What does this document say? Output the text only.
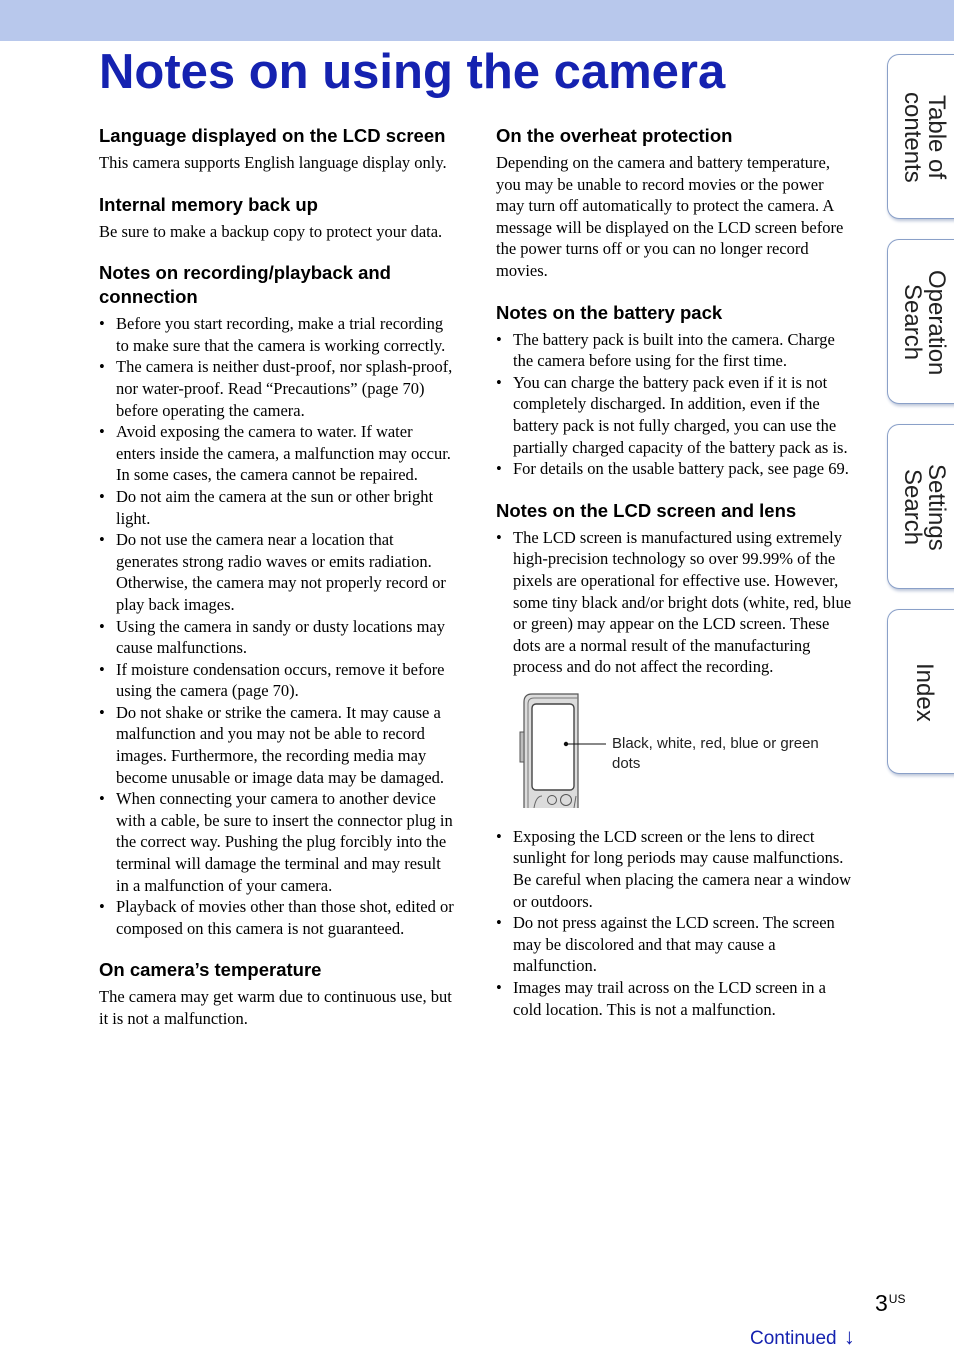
Notes on using the camera
Language displayed on the LCD screen

This camera supports English language display only.

Internal memory back up

Be sure to make a backup copy to protect your data.

Notes on recording/playback and connection
• Before you start recording, make a trial recording to make sure that the camera is working correctly.
• The camera is neither dust-proof, nor splash-proof, nor water-proof. Read “Precautions” (page 70) before operating the camera.
• Avoid exposing the camera to water. If water enters inside the camera, a malfunction may occur. In some cases, the camera cannot be repaired.
• Do not aim the camera at the sun or other bright light.
• Do not use the camera near a location that generates strong radio waves or emits radiation. Otherwise, the camera may not properly record or play back images.
• Using the camera in sandy or dusty locations may cause malfunctions.
• If moisture condensation occurs, remove it before using the camera (page 70).
• Do not shake or strike the camera. It may cause a malfunction and you may not be able to record images. Furthermore, the recording media may become unusable or image data may be damaged.
• When connecting your camera to another device with a cable, be sure to insert the connector plug in the correct way. Pushing the plug forcibly into the terminal will damage the terminal and may result in a malfunction of your camera.
• Playback of movies other than those shot, edited or composed on this camera is not guaranteed.
On camera’s temperature

The camera may get warm due to continuous use, but it is not a malfunction.

On the overheat protection

Depending on the camera and battery temperature, you may be unable to record movies or the power may turn off automatically to protect the camera. A message will be displayed on the LCD screen before the power turns off or you can no longer record movies.

Notes on the battery pack
• The battery pack is built into the camera. Charge the camera before using for the first time.
• You can charge the battery pack even if it is not completely discharged. In addition, even if the battery pack is not fully charged, you can use the partially charged capacity of the battery pack as is.
• For details on the usable battery pack, see page 69.
Notes on the LCD screen and lens
• The LCD screen is manufactured using extremely high-precision technology so over 99.99% of the pixels are operational for effective use. However, some tiny black and/or bright dots (white, red, blue or green) may appear on the LCD screen. These dots are a normal result of the manufacturing process and do not affect the recording.
Black, white, red, blue or green dots
• Exposing the LCD screen or the lens to direct sunlight for long periods may cause malfunctions. Be careful when placing the camera near a window or outdoors.
• Do not press against the LCD screen. The screen may be discolored and that may cause a malfunction.
• Images may trail across on the LCD screen in a cold location. This is not a malfunction.
Table of
contents
Operation
Search
Settings
Search
Index
$3^{US}$
Continued ↓
